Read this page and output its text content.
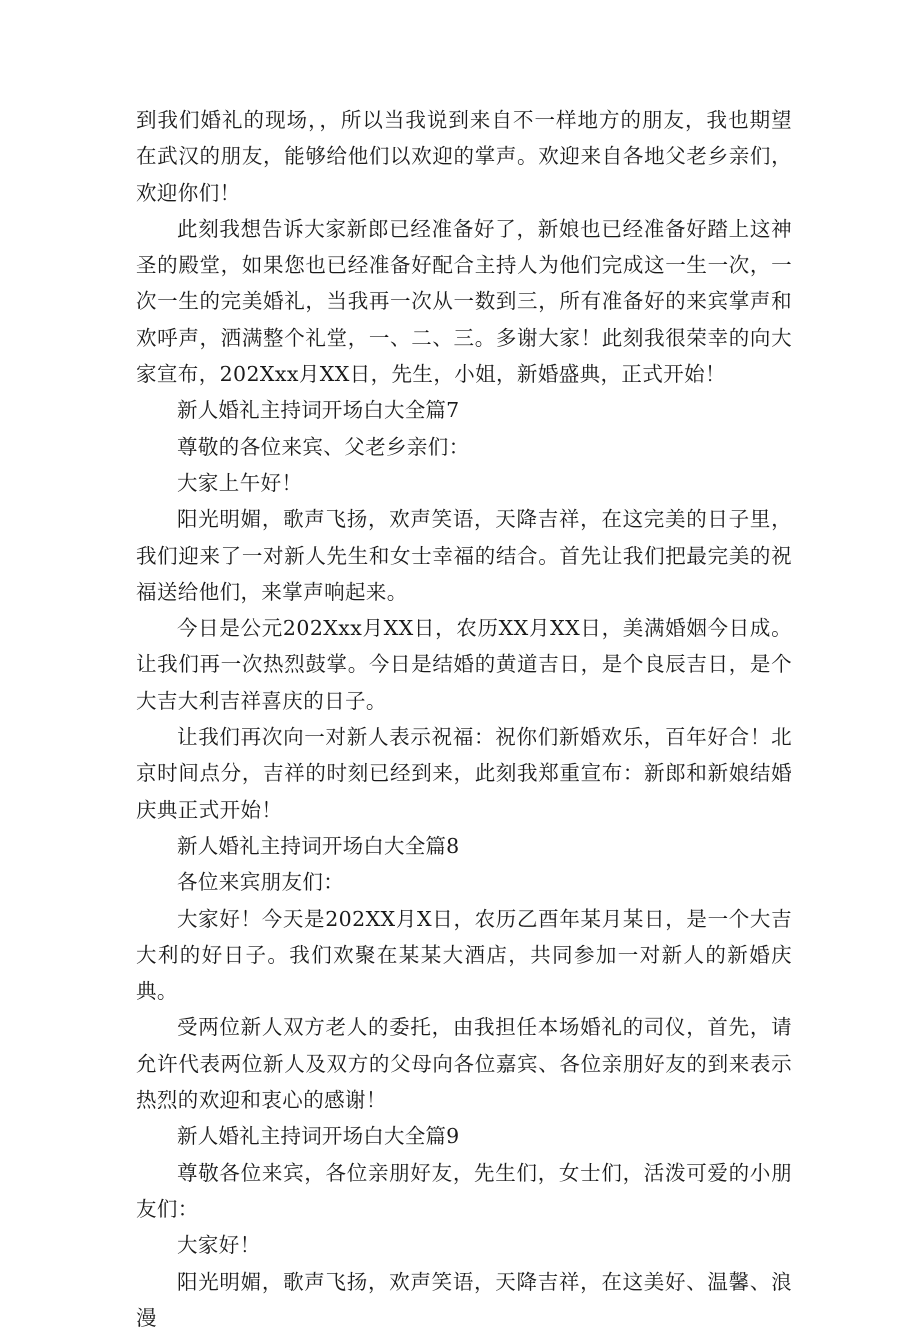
到我们婚礼的现场，，所以当我说到来自不一样地方的朋友，我也期望在武汉的朋友，能够给他们以欢迎的掌声。欢迎来自各地父老乡亲们，欢迎你们！

此刻我想告诉大家新郎已经准备好了，新娘也已经准备好踏上这神圣的殿堂，如果您也已经准备好配合主持人为他们完成这一生一次，一次一生的完美婚礼，当我再一次从一数到三，所有准备好的来宾掌声和欢呼声，洒满整个礼堂，一、二、三。多谢大家！此刻我很荣幸的向大家宣布，202Xxx月XX日，先生，小姐，新婚盛典，正式开始！

新人婚礼主持词开场白大全篇7

尊敬的各位来宾、父老乡亲们：

大家上午好！

阳光明媚，歌声飞扬，欢声笑语，天降吉祥，在这完美的日子里，我们迎来了一对新人先生和女士幸福的结合。首先让我们把最完美的祝福送给他们，来掌声响起来。

今日是公元202Xxx月XX日，农历XX月XX日，美满婚姻今日成。让我们再一次热烈鼓掌。今日是结婚的黄道吉日，是个良辰吉日，是个大吉大利吉祥喜庆的日子。

让我们再次向一对新人表示祝福：祝你们新婚欢乐，百年好合！北京时间点分，吉祥的时刻已经到来，此刻我郑重宣布：新郎和新娘结婚庆典正式开始！

新人婚礼主持词开场白大全篇8

各位来宾朋友们：

大家好！今天是202XX月X日，农历乙酉年某月某日，是一个大吉大利的好日子。我们欢聚在某某大酒店，共同参加一对新人的新婚庆典。

受两位新人双方老人的委托，由我担任本场婚礼的司仪，首先，请允许代表两位新人及双方的父母向各位嘉宾、各位亲朋好友的到来表示热烈的欢迎和衷心的感谢！

新人婚礼主持词开场白大全篇9

尊敬各位来宾，各位亲朋好友，先生们，女士们，活泼可爱的小朋友们：

大家好！

阳光明媚，歌声飞扬，欢声笑语，天降吉祥，在这美好、温馨、浪漫
